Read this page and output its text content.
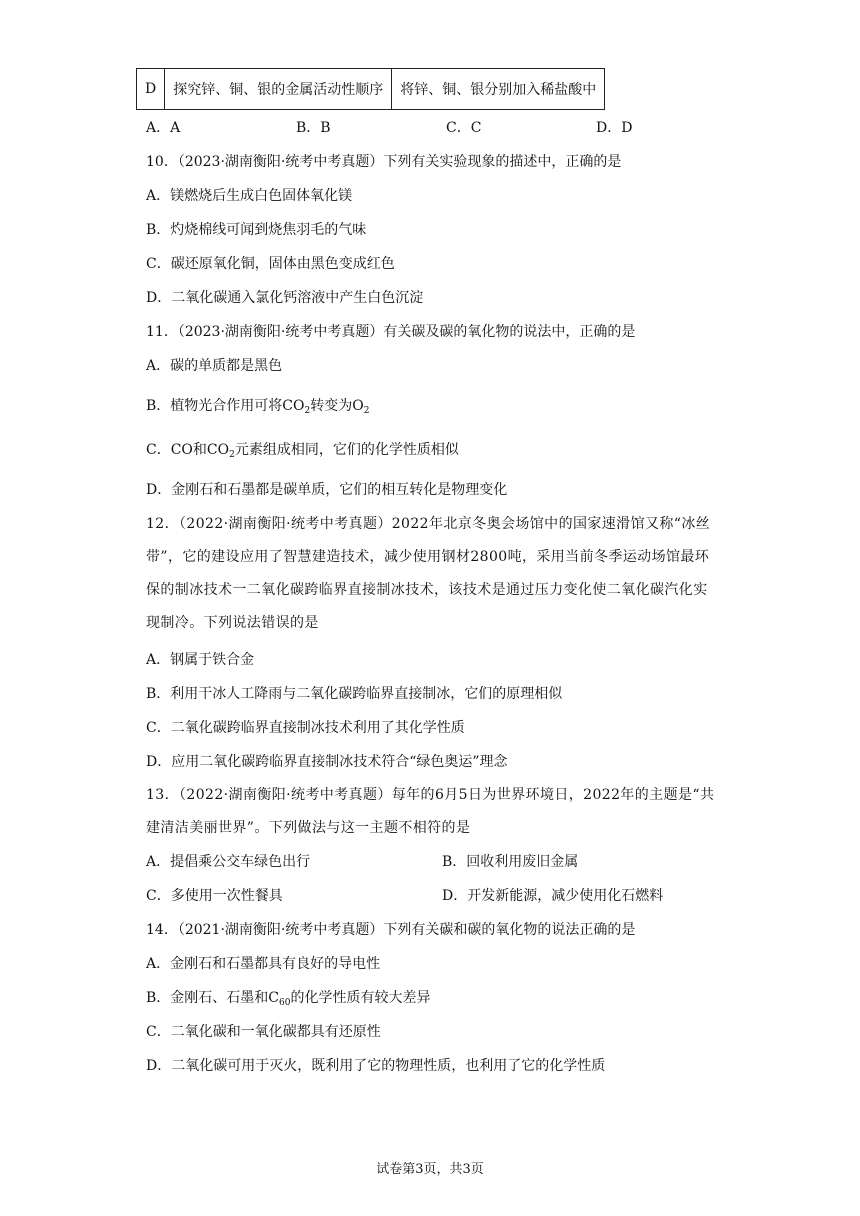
D	探究锌、铜、银的金属活动性顺序	将锌、铜、银分别加入稀盐酸中
A．A	B．B	C．C	D．D
10．（2023·湖南衡阳·统考中考真题）下列有关实验现象的描述中，正确的是
A．镁燃烧后生成白色固体氧化镁
B．灼烧棉线可闻到烧焦羽毛的气味
C．碳还原氧化铜，固体由黑色变成红色
D．二氧化碳通入氯化钙溶液中产生白色沉淀
11．（2023·湖南衡阳·统考中考真题）有关碳及碳的氧化物的说法中，正确的是
A．碳的单质都是黑色
B．植物光合作用可将$CO_2$转变为$O_2$
C．CO和$CO_2$元素组成相同，它们的化学性质相似
D．金刚石和石墨都是碳单质，它们的相互转化是物理变化
12．（2022·湖南衡阳·统考中考真题）2022年北京冬奥会场馆中的国家速滑馆又称“冰丝带”，它的建设应用了智慧建造技术，减少使用钢材2800吨，采用当前冬季运动场馆最环保的制冰技术一二氧化碳跨临界直接制冰技术，该技术是通过压力变化使二氧化碳汽化实现制冷。下列说法错误的是
A．钢属于铁合金
B．利用干冰人工降雨与二氧化碳跨临界直接制冰，它们的原理相似
C．二氧化碳跨临界直接制冰技术利用了其化学性质
D．应用二氧化碳跨临界直接制冰技术符合“绿色奥运”理念
13．（2022·湖南衡阳·统考中考真题）每年的6月5日为世界环境日，2022年的主题是“共建清洁美丽世界”。下列做法与这一主题不相符的是
A．提倡乘公交车绿色出行	B．回收利用废旧金属
C．多使用一次性餐具	D．开发新能源，减少使用化石燃料
14．（2021·湖南衡阳·统考中考真题）下列有关碳和碳的氧化物的说法正确的是
A．金刚石和石墨都具有良好的导电性
B．金刚石、石墨和$C_{60}$的化学性质有较大差异
C．二氧化碳和一氧化碳都具有还原性
D．二氧化碳可用于灭火，既利用了它的物理性质，也利用了它的化学性质
试卷第3页，共3页
